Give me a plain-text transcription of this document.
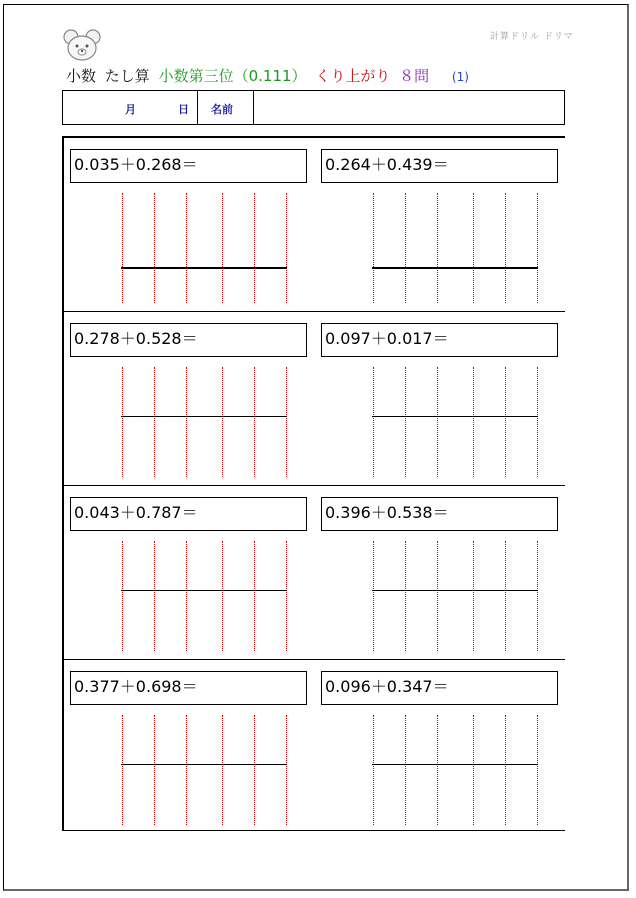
計算ドリル ドリマ
小数 たし算 小数第三位（0.111） くり上がり ８問 (1)
月	日 名前
0.035＋0.268＝	0.264＋0.439＝
0.278＋0.528＝	0.097＋0.017＝
0.043＋0.787＝	0.396＋0.538＝
0.377＋0.698＝	0.096＋0.347＝
